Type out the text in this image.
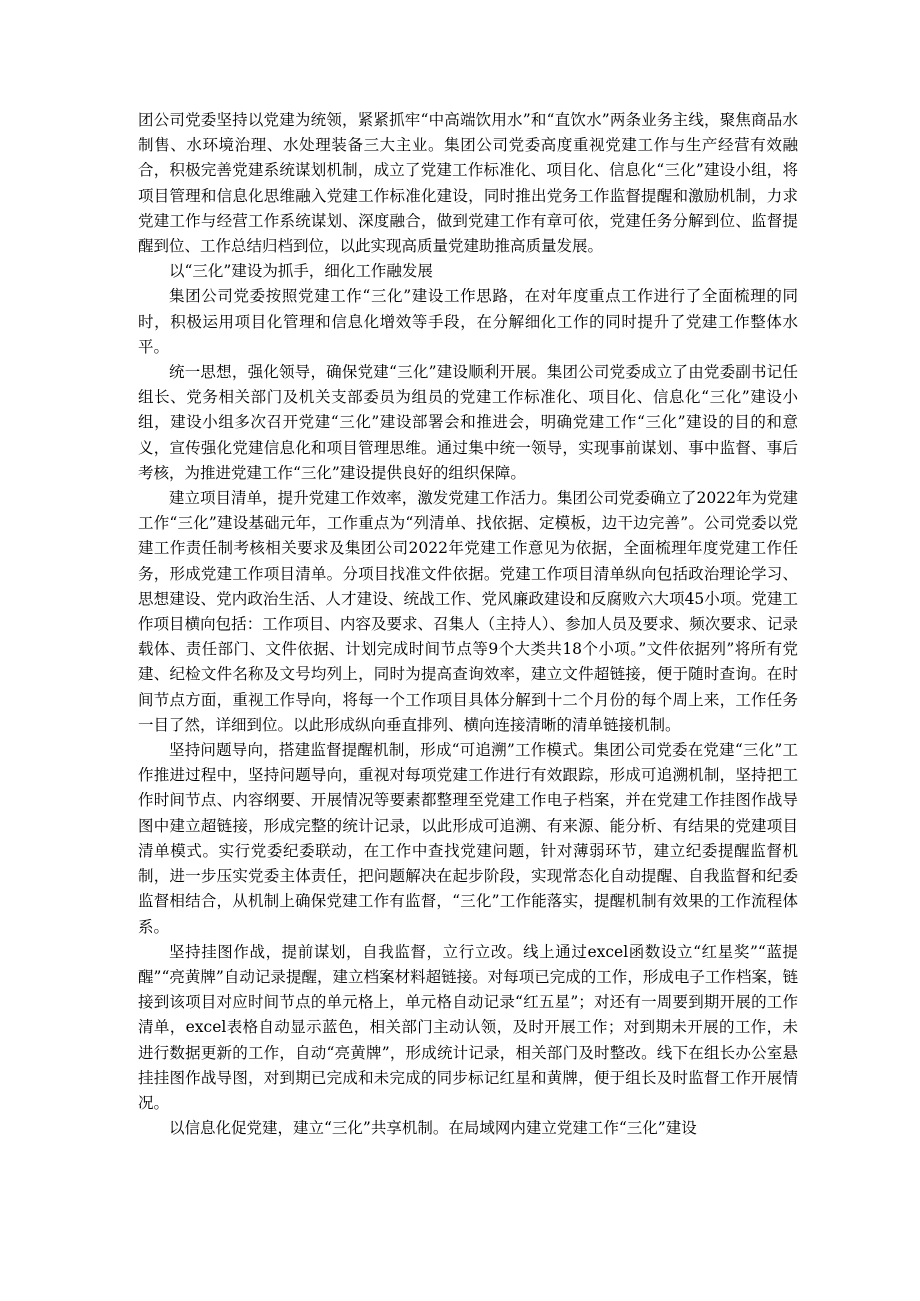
团公司党委坚持以党建为统领，紧紧抓牢“中高端饮用水”和“直饮水”两条业务主线，聚焦商品水制售、水环境治理、水处理装备三大主业。集团公司党委高度重视党建工作与生产经营有效融合，积极完善党建系统谋划机制，成立了党建工作标准化、项目化、信息化“三化”建设小组，将项目管理和信息化思维融入党建工作标准化建设，同时推出党务工作监督提醒和激励机制，力求党建工作与经营工作系统谋划、深度融合，做到党建工作有章可依，党建任务分解到位、监督提醒到位、工作总结归档到位，以此实现高质量党建助推高质量发展。

以“三化”建设为抓手，细化工作融发展

集团公司党委按照党建工作“三化”建设工作思路，在对年度重点工作进行了全面梳理的同时，积极运用项目化管理和信息化增效等手段，在分解细化工作的同时提升了党建工作整体水平。

统一思想，强化领导，确保党建“三化”建设顺利开展。集团公司党委成立了由党委副书记任组长、党务相关部门及机关支部委员为组员的党建工作标准化、项目化、信息化“三化”建设小组，建设小组多次召开党建“三化”建设部署会和推进会，明确党建工作“三化”建设的目的和意义，宣传强化党建信息化和项目管理思维。通过集中统一领导，实现事前谋划、事中监督、事后考核，为推进党建工作“三化”建设提供良好的组织保障。

建立项目清单，提升党建工作效率，激发党建工作活力。集团公司党委确立了2022年为党建工作“三化”建设基础元年，工作重点为“列清单、找依据、定模板，边干边完善”。公司党委以党建工作责任制考核相关要求及集团公司2022年党建工作意见为依据，全面梳理年度党建工作任务，形成党建工作项目清单。分项目找准文件依据。党建工作项目清单纵向包括政治理论学习、思想建设、党内政治生活、人才建设、统战工作、党风廉政建设和反腐败六大项45小项。党建工作项目横向包括：工作项目、内容及要求、召集人（主持人）、参加人员及要求、频次要求、记录载体、责任部门、文件依据、计划完成时间节点等9个大类共18个小项。”文件依据列”将所有党建、纪检文件名称及文号均列上，同时为提高查询效率，建立文件超链接，便于随时查询。在时间节点方面，重视工作导向，将每一个工作项目具体分解到十二个月份的每个周上来，工作任务一目了然，详细到位。以此形成纵向垂直排列、横向连接清晰的清单链接机制。

坚持问题导向，搭建监督提醒机制，形成“可追溯”工作模式。集团公司党委在党建“三化”工作推进过程中，坚持问题导向，重视对每项党建工作进行有效跟踪，形成可追溯机制，坚持把工作时间节点、内容纲要、开展情况等要素都整理至党建工作电子档案，并在党建工作挂图作战导图中建立超链接，形成完整的统计记录，以此形成可追溯、有来源、能分析、有结果的党建项目清单模式。实行党委纪委联动，在工作中查找党建问题，针对薄弱环节，建立纪委提醒监督机制，进一步压实党委主体责任，把问题解决在起步阶段，实现常态化自动提醒、自我监督和纪委监督相结合，从机制上确保党建工作有监督，“三化”工作能落实，提醒机制有效果的工作流程体系。

坚持挂图作战，提前谋划，自我监督，立行立改。线上通过excel函数设立“红星奖”“蓝提醒”“亮黄牌”自动记录提醒，建立档案材料超链接。对每项已完成的工作，形成电子工作档案，链接到该项目对应时间节点的单元格上，单元格自动记录“红五星”；对还有一周要到期开展的工作清单，excel表格自动显示蓝色，相关部门主动认领，及时开展工作；对到期未开展的工作，未进行数据更新的工作，自动“亮黄牌”，形成统计记录，相关部门及时整改。线下在组长办公室悬挂挂图作战导图，对到期已完成和未完成的同步标记红星和黄牌，便于组长及时监督工作开展情况。

以信息化促党建，建立“三化”共享机制。在局域网内建立党建工作“三化”建设
